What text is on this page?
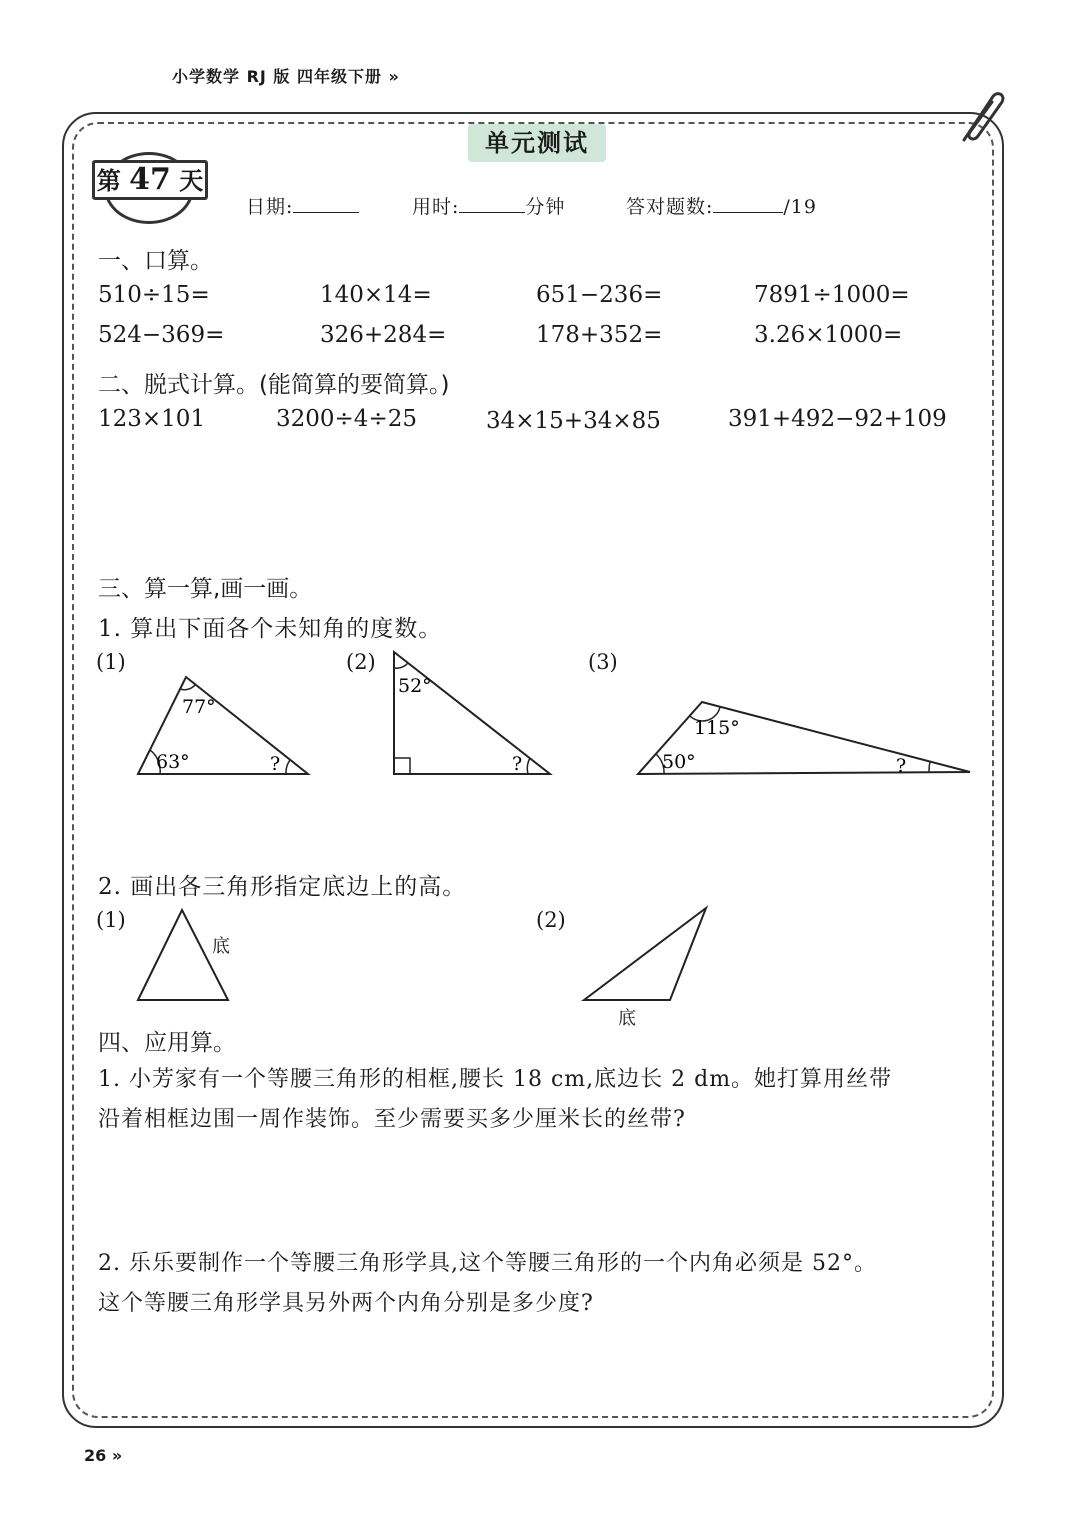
小学数学 RJ 版 四年级下册 »
单元测试
第 47 天
日期:	用时:	分钟	答对题数:	/19
一、口算。
510÷15=	140×14=	651−236=	7891÷1000=
524−369=	326+284=	178+352=	3.26×1000=
二、脱式计算。(能简算的要简算。)
123×101	3200÷4÷25	34×15+34×85	391+492−92+109
三、算一算,画一画。
1. 算出下面各个未知角的度数。
(1)	(2)	(3)
77°
63°	?
52°
?
115°
50°	?
2. 画出各三角形指定底边上的高。
(1)	(2)
底
底
四、应用算。
1. 小芳家有一个等腰三角形的相框,腰长 18 cm,底边长 2 dm。她打算用丝带
沿着相框边围一周作装饰。至少需要买多少厘米长的丝带?
2. 乐乐要制作一个等腰三角形学具,这个等腰三角形的一个内角必须是 52°。
这个等腰三角形学具另外两个内角分别是多少度?
26 »
